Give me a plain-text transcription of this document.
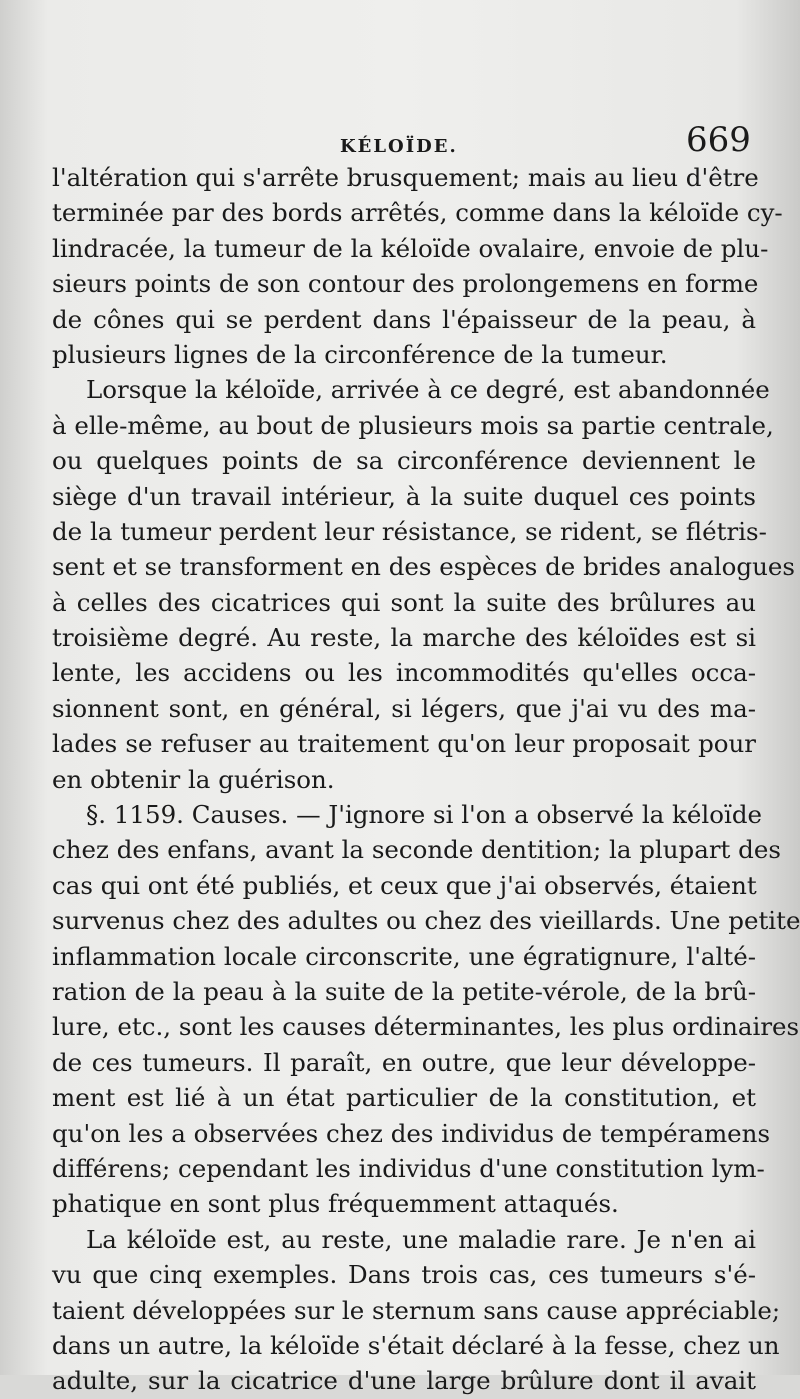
KÉLOÏDE.	669
l'altération qui s'arrête brusquement; mais au lieu d'être
terminée par des bords arrêtés, comme dans la kéloïde cy-
lindracée, la tumeur de la kéloïde ovalaire, envoie de plu-
sieurs points de son contour des prolongemens en forme
de cônes qui se perdent dans l'épaisseur de la peau, à
plusieurs lignes de la circonférence de la tumeur.
Lorsque la kéloïde, arrivée à ce degré, est abandonnée
à elle-même, au bout de plusieurs mois sa partie centrale,
ou quelques points de sa circonférence deviennent le
siège d'un travail intérieur, à la suite duquel ces points
de la tumeur perdent leur résistance, se rident, se flétris-
sent et se transforment en des espèces de brides analogues
à celles des cicatrices qui sont la suite des brûlures au
troisième degré. Au reste, la marche des kéloïdes est si
lente, les accidens ou les incommodités qu'elles occa-
sionnent sont, en général, si légers, que j'ai vu des ma-
lades se refuser au traitement qu'on leur proposait pour
en obtenir la guérison.
§. 1159. Causes. — J'ignore si l'on a observé la kéloïde
chez des enfans, avant la seconde dentition; la plupart des
cas qui ont été publiés, et ceux que j'ai observés, étaient
survenus chez des adultes ou chez des vieillards. Une petite
inflammation locale circonscrite, une égratignure, l'alté-
ration de la peau à la suite de la petite-vérole, de la brû-
lure, etc., sont les causes déterminantes, les plus ordinaires
de ces tumeurs. Il paraît, en outre, que leur développe-
ment est lié à un état particulier de la constitution, et
qu'on les a observées chez des individus de tempéramens
différens; cependant les individus d'une constitution lym-
phatique en sont plus fréquemment attaqués.
La kéloïde est, au reste, une maladie rare. Je n'en ai
vu que cinq exemples. Dans trois cas, ces tumeurs s'é-
taient développées sur le sternum sans cause appréciable;
dans un autre, la kéloïde s'était déclaré à la fesse, chez un
adulte, sur la cicatrice d'une large brûlure dont il avait
